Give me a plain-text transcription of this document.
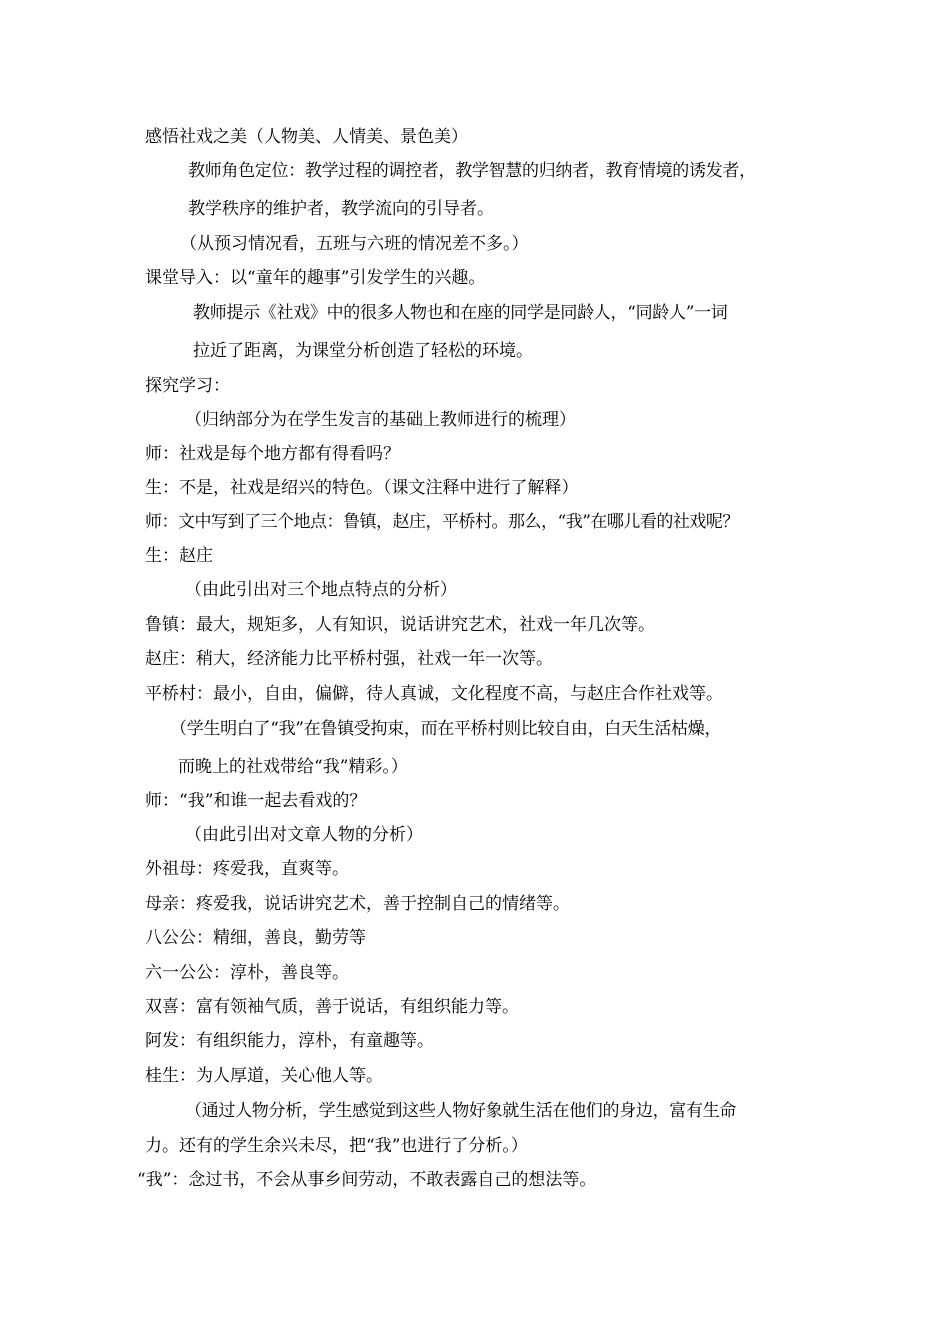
感悟社戏之美（人物美、人情美、景色美）

教师角色定位：教学过程的调控者，教学智慧的归纳者，教育情境的诱发者，

教学秩序的维护者，教学流向的引导者。

（从预习情况看，五班与六班的情况差不多。）

课堂导入：以“童年的趣事”引发学生的兴趣。

教师提示《社戏》中的很多人物也和在座的同学是同龄人，“同龄人”一词

拉近了距离，为课堂分析创造了轻松的环境。

探究学习：

（归纳部分为在学生发言的基础上教师进行的梳理）

师：社戏是每个地方都有得看吗？

生：不是，社戏是绍兴的特色。（课文注释中进行了解释）

师：文中写到了三个地点：鲁镇，赵庄，平桥村。那么，“我”在哪儿看的社戏呢？

生：赵庄

（由此引出对三个地点特点的分析）

鲁镇：最大，规矩多，人有知识，说话讲究艺术，社戏一年几次等。

赵庄：稍大，经济能力比平桥村强，社戏一年一次等。

平桥村：最小，自由，偏僻，待人真诚，文化程度不高，与赵庄合作社戏等。

（学生明白了“我”在鲁镇受拘束，而在平桥村则比较自由，白天生活枯燥，

而晚上的社戏带给“我”精彩。）

师：“我”和谁一起去看戏的？

（由此引出对文章人物的分析）

外祖母：疼爱我，直爽等。

母亲：疼爱我，说话讲究艺术，善于控制自己的情绪等。

八公公：精细，善良，勤劳等

六一公公：淳朴，善良等。

双喜：富有领袖气质，善于说话，有组织能力等。

阿发：有组织能力，淳朴，有童趣等。

桂生：为人厚道，关心他人等。

（通过人物分析，学生感觉到这些人物好象就生活在他们的身边，富有生命

力。还有的学生余兴未尽，把“我”也进行了分析。）

“我”：念过书，不会从事乡间劳动，不敢表露自己的想法等。
